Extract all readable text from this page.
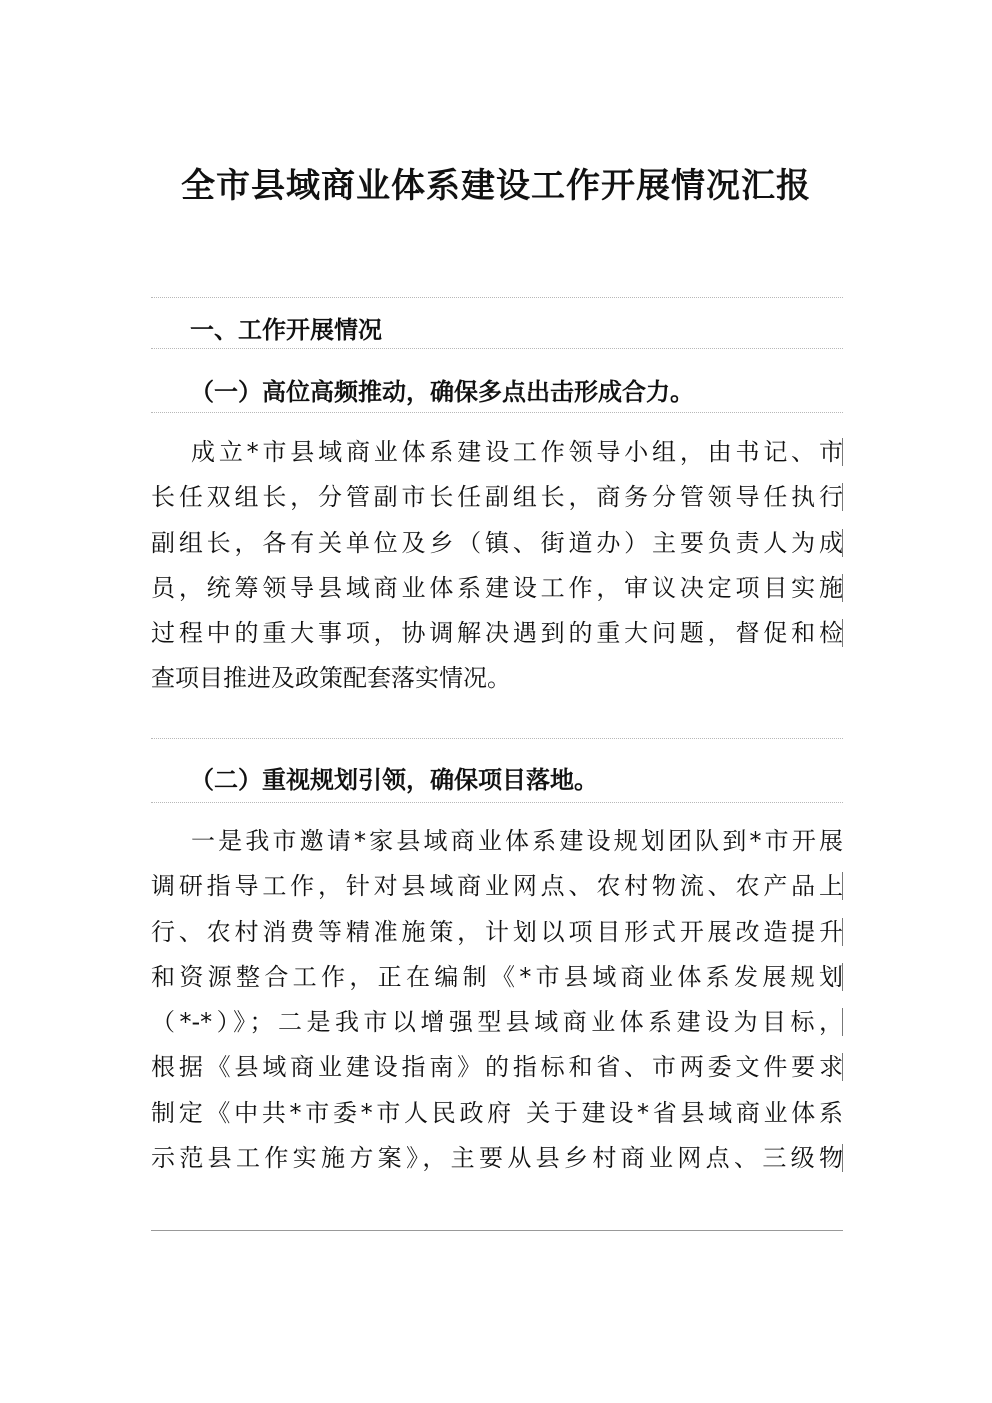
全市县域商业体系建设工作开展情况汇报
一、工作开展情况
（一）高位高频推动，确保多点出击形成合力。
成立*市县域商业体系建设工作领导小组，由书记、市
长任双组长，分管副市长任副组长，商务分管领导任执行
副组长，各有关单位及乡（镇、街道办）主要负责人为成
员，统筹领导县域商业体系建设工作，审议决定项目实施
过程中的重大事项，协调解决遇到的重大问题，督促和检
查项目推进及政策配套落实情况。
（二）重视规划引领，确保项目落地。
一是我市邀请*家县域商业体系建设规划团队到*市开展
调研指导工作，针对县域商业网点、农村物流、农产品上
行、农村消费等精准施策，计划以项目形式开展改造提升
和资源整合工作，正在编制《*市县域商业体系发展规划
（*-*）》；二是我市以增强型县域商业体系建设为目标，
根据《县域商业建设指南》的指标和省、市两委文件要求
制定《中共*市委*市人民政府 关于建设*省县域商业体系
示范县工作实施方案》，主要从县乡村商业网点、三级物
